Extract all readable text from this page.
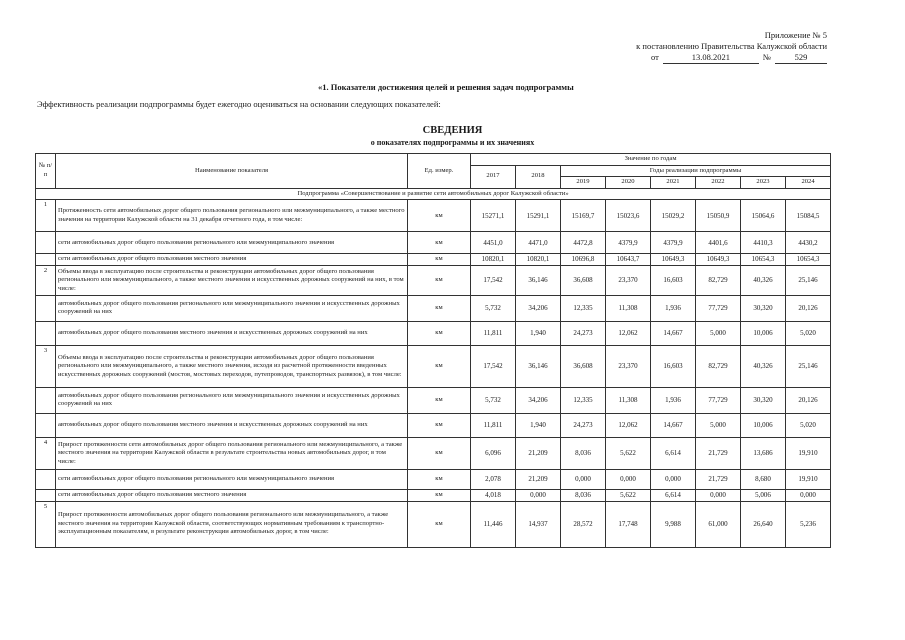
Приложение № 5
к постановлению Правительства Калужской области
от	13.08.2021	№	529
«1. Показатели достижения целей и решения задач подпрограммы
Эффективность реализации подпрограммы будет ежегодно оцениваться на основании следующих показателей:
СВЕДЕНИЯ
о показателях подпрограммы и их значениях
№ п/п	Наименование показателя	Ед. измер.	Значение по годам							
			2017	2018	Годы реализации подпрограммы					
					2019	2020	2021	2022	2023	2024
Подпрограмма «Совершенствование и развитие сети автомобильных дорог Калужской области»										
1	Протяженность сети автомобильных дорог общего пользования регионального или межмуниципального, а также местного значения на территории Калужской области на 31 декабря отчетного года, в том числе:	км	15271,1	15291,1	15169,7	15023,6	15029,2	15050,9	15064,6	15084,5
	сети автомобильных дорог общего пользования регионального или межмуниципального значения	км	4451,0	4471,0	4472,8	4379,9	4379,9	4401,6	4410,3	4430,2
	сети автомобильных дорог общего пользования местного значения	км	10820,1	10820,1	10696,8	10643,7	10649,3	10649,3	10654,3	10654,3
2	Объемы ввода в эксплуатацию после строительства и реконструкции автомобильных дорог общего пользования регионального или межмуниципального, а также местного значения и искусственных дорожных сооружений на них, в том числе:	км	17,542	36,146	36,608	23,370	16,603	82,729	40,326	25,146
	автомобильных дорог общего пользования регионального или межмуниципального значения и искусственных дорожных сооружений на них	км	5,732	34,206	12,335	11,308	1,936	77,729	30,320	20,126
	автомобильных дорог общего пользования местного значения и искусственных дорожных сооружений на них	км	11,811	1,940	24,273	12,062	14,667	5,000	10,006	5,020
3	Объемы ввода в эксплуатацию после строительства и реконструкции автомобильных дорог общего пользования регионального или межмуниципального, а также местного значения, исходя из расчетной протяженности введенных искусственных дорожных сооружений (мостов, мостовых переходов, путепроводов, транспортных развязок), в том числе:	км	17,542	36,146	36,608	23,370	16,603	82,729	40,326	25,146
	автомобильных дорог общего пользования регионального или межмуниципального значения и искусственных дорожных сооружений на них	км	5,732	34,206	12,335	11,308	1,936	77,729	30,320	20,126
	автомобильных дорог общего пользования местного значения и искусственных дорожных сооружений на них	км	11,811	1,940	24,273	12,062	14,667	5,000	10,006	5,020
4	Прирост протяженности сети автомобильных дорог общего пользования регионального или межмуниципального, а также местного значения на территории Калужской области в результате строительства новых автомобильных дорог, в том числе:	км	6,096	21,209	8,036	5,622	6,614	21,729	13,686	19,910
	сети автомобильных дорог общего пользования регионального или межмуниципального значения	км	2,078	21,209	0,000	0,000	0,000	21,729	8,680	19,910
	сети автомобильных дорог общего пользования местного значения	км	4,018	0,000	8,036	5,622	6,614	0,000	5,006	0,000
5	Прирост протяженности автомобильных дорог общего пользования регионального или межмуниципального, а также местного значения на территории Калужской области, соответствующих нормативным требованиям к транспортно-эксплуатационным показателям, в результате реконструкции автомобильных дорог, в том числе:	км	11,446	14,937	28,572	17,748	9,988	61,000	26,640	5,236
